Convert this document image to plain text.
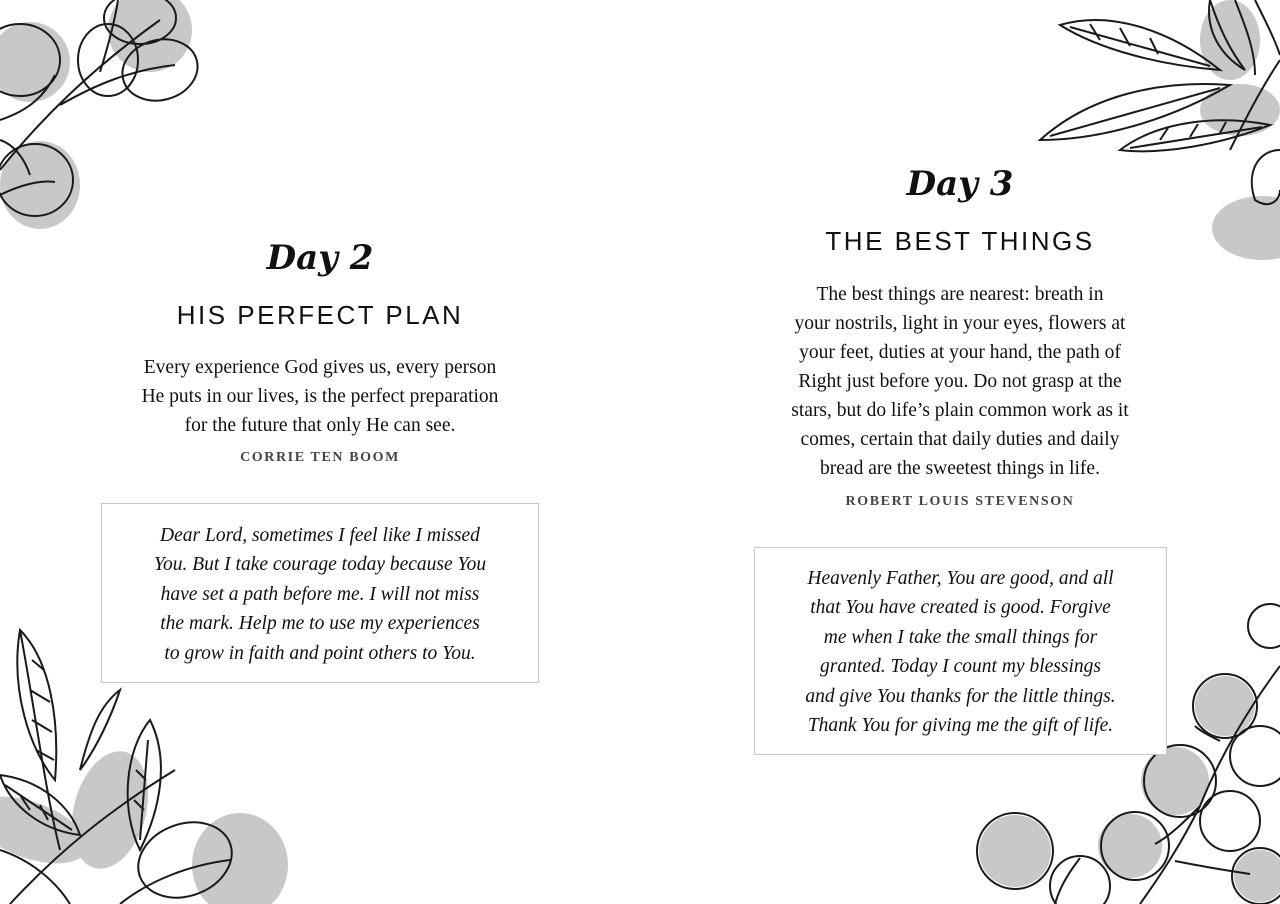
Day 2
HIS PERFECT PLAN
Every experience God gives us, every person
He puts in our lives, is the perfect preparation
for the future that only He can see.
CORRIE TEN BOOM
Dear Lord, sometimes I feel like I missed
You. But I take courage today because You
have set a path before me. I will not miss
the mark. Help me to use my experiences
to grow in faith and point others to You.
Day 3
THE BEST THINGS
The best things are nearest: breath in
your nostrils, light in your eyes, flowers at
your feet, duties at your hand, the path of
Right just before you. Do not grasp at the
stars, but do life’s plain common work as it
comes, certain that daily duties and daily
bread are the sweetest things in life.
ROBERT LOUIS STEVENSON
Heavenly Father, You are good, and all
that You have created is good. Forgive
me when I take the small things for
granted. Today I count my blessings
and give You thanks for the little things.
Thank You for giving me the gift of life.
